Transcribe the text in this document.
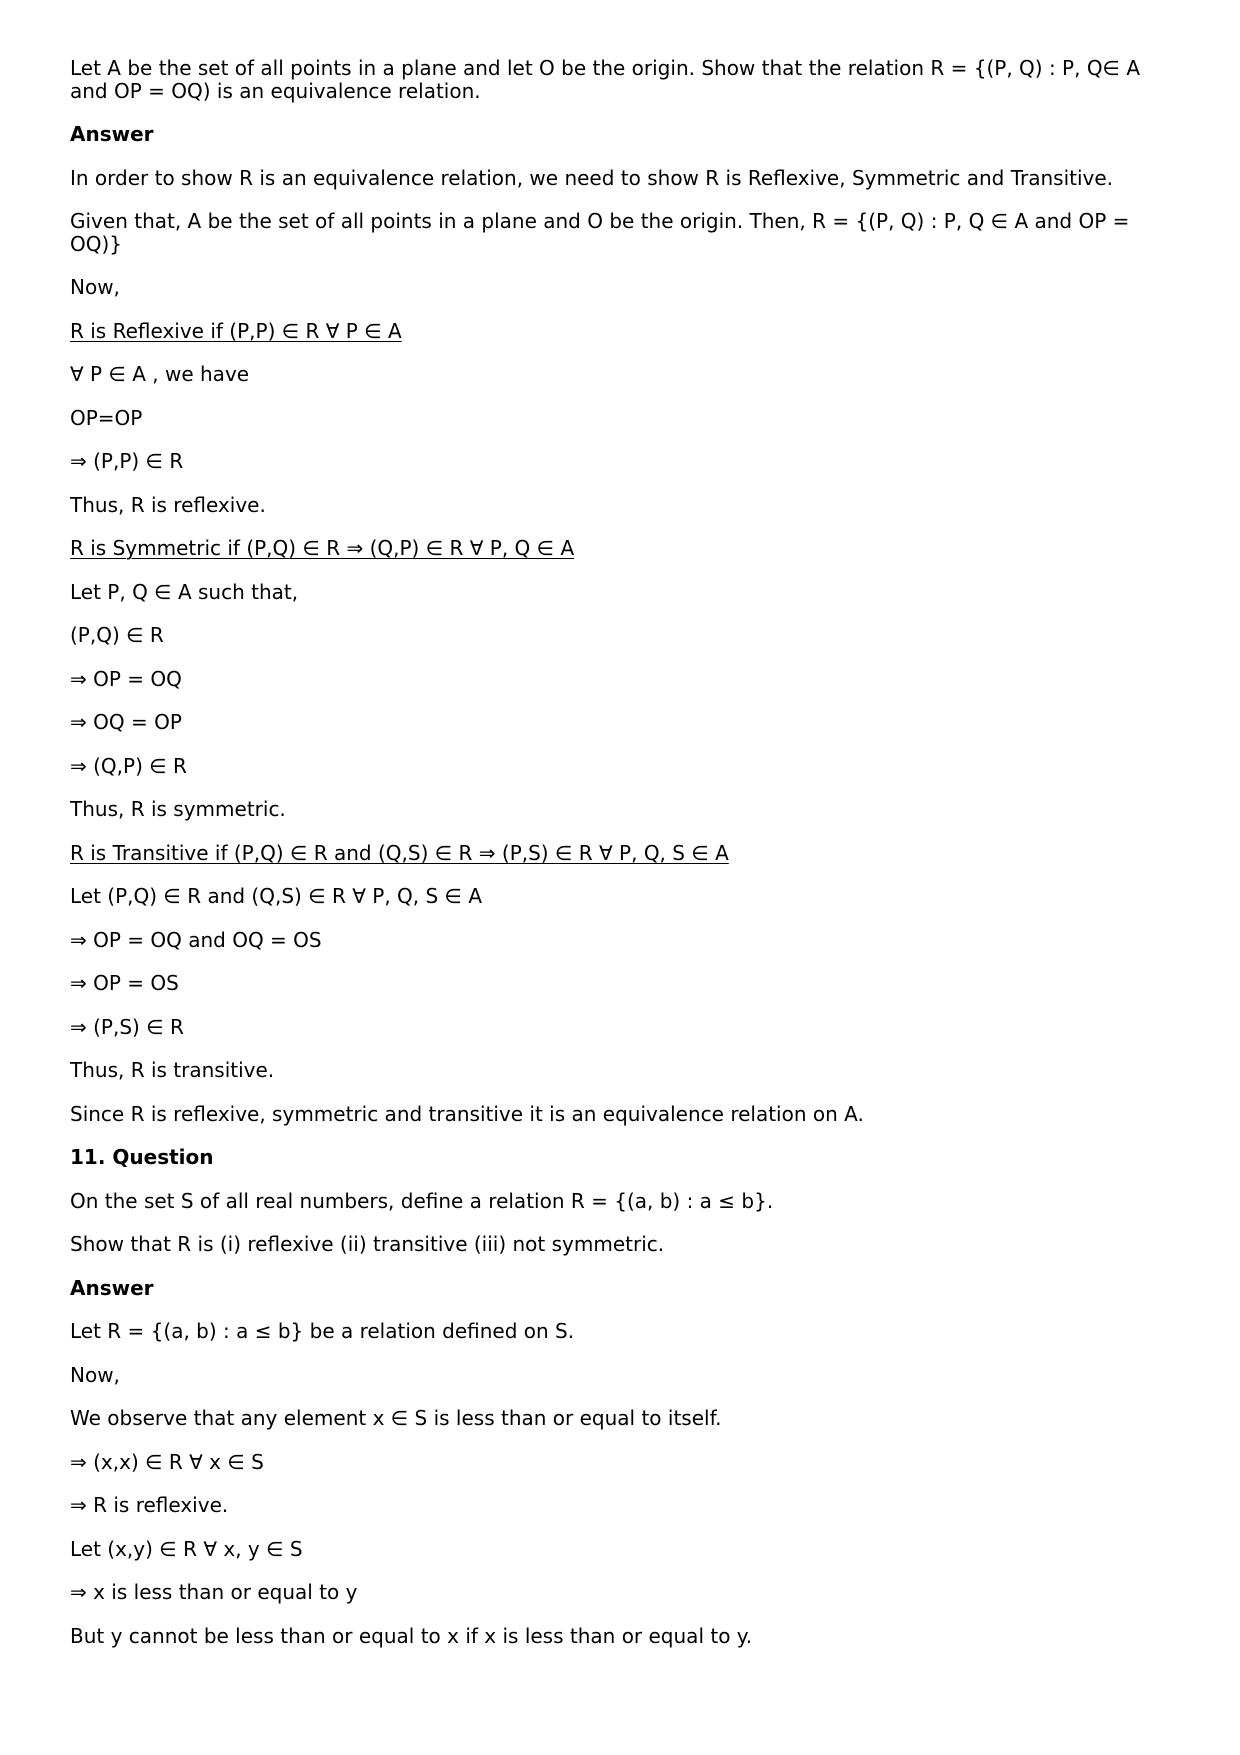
Let A be the set of all points in a plane and let O be the origin. Show that the relation R = {(P, Q) : P, Q∈ A and OP = OQ) is an equivalence relation.
Answer
In order to show R is an equivalence relation, we need to show R is Reflexive, Symmetric and Transitive.
Given that, A be the set of all points in a plane and O be the origin. Then, R = {(P, Q) : P, Q ∈ A and OP = OQ)}
Now,
R is Reflexive if (P,P) ∈ R ∀ P ∈ A
∀ P ∈ A , we have
OP=OP
⇒ (P,P) ∈ R
Thus, R is reflexive.
R is Symmetric if (P,Q) ∈ R ⇒ (Q,P) ∈ R ∀ P, Q ∈ A
Let P, Q ∈ A such that,
(P,Q) ∈ R
⇒ OP = OQ
⇒ OQ = OP
⇒ (Q,P) ∈ R
Thus, R is symmetric.
R is Transitive if (P,Q) ∈ R and (Q,S) ∈ R ⇒ (P,S) ∈ R ∀ P, Q, S ∈ A
Let (P,Q) ∈ R and (Q,S) ∈ R ∀ P, Q, S ∈ A
⇒ OP = OQ and OQ = OS
⇒ OP = OS
⇒ (P,S) ∈ R
Thus, R is transitive.
Since R is reflexive, symmetric and transitive it is an equivalence relation on A.
11. Question
On the set S of all real numbers, define a relation R = {(a, b) : a ≤ b}.
Show that R is (i) reflexive (ii) transitive (iii) not symmetric.
Answer
Let R = {(a, b) : a ≤ b} be a relation defined on S.
Now,
We observe that any element x ∈ S is less than or equal to itself.
⇒ (x,x) ∈ R ∀ x ∈ S
⇒ R is reflexive.
Let (x,y) ∈ R ∀ x, y ∈ S
⇒ x is less than or equal to y
But y cannot be less than or equal to x if x is less than or equal to y.
